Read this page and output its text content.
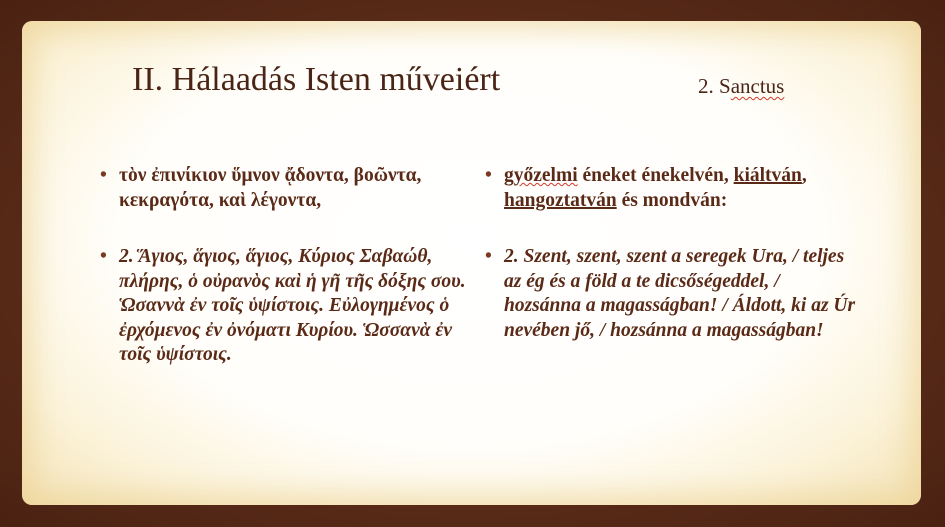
II. Hálaadás Isten műveiért	2. Sanctus
• τὸν ἐπινίκιον ὕμνον ᾄδοντα, βοῶντα, κεκραγότα, καὶ λέγοντα,
• 2. Ἅγιος, ἅγιος, ἅγιος, Κύριος Σαβαώθ, πλήρης, ὁ οὐρανὸς καὶ ἡ γῆ τῆς δόξης σου. Ὡσαννὰ ἐν τοῖς ὑψίστοις. Εὐλογημένος ὁ ἐρχόμενος ἐν ὀνόματι Κυρίου. Ὡσσανὰ ἐν τοῖς ὑψίστοις.
• győzelmi éneket énekelvén, kiáltván, hangoztatván és mondván:
• 2. Szent, szent, szent a seregek Ura, / teljes az ég és a föld a te dicsőségeddel, / hozsánna a magasságban! / Áldott, ki az Úr nevében jő, / hozsánna a magasságban!
